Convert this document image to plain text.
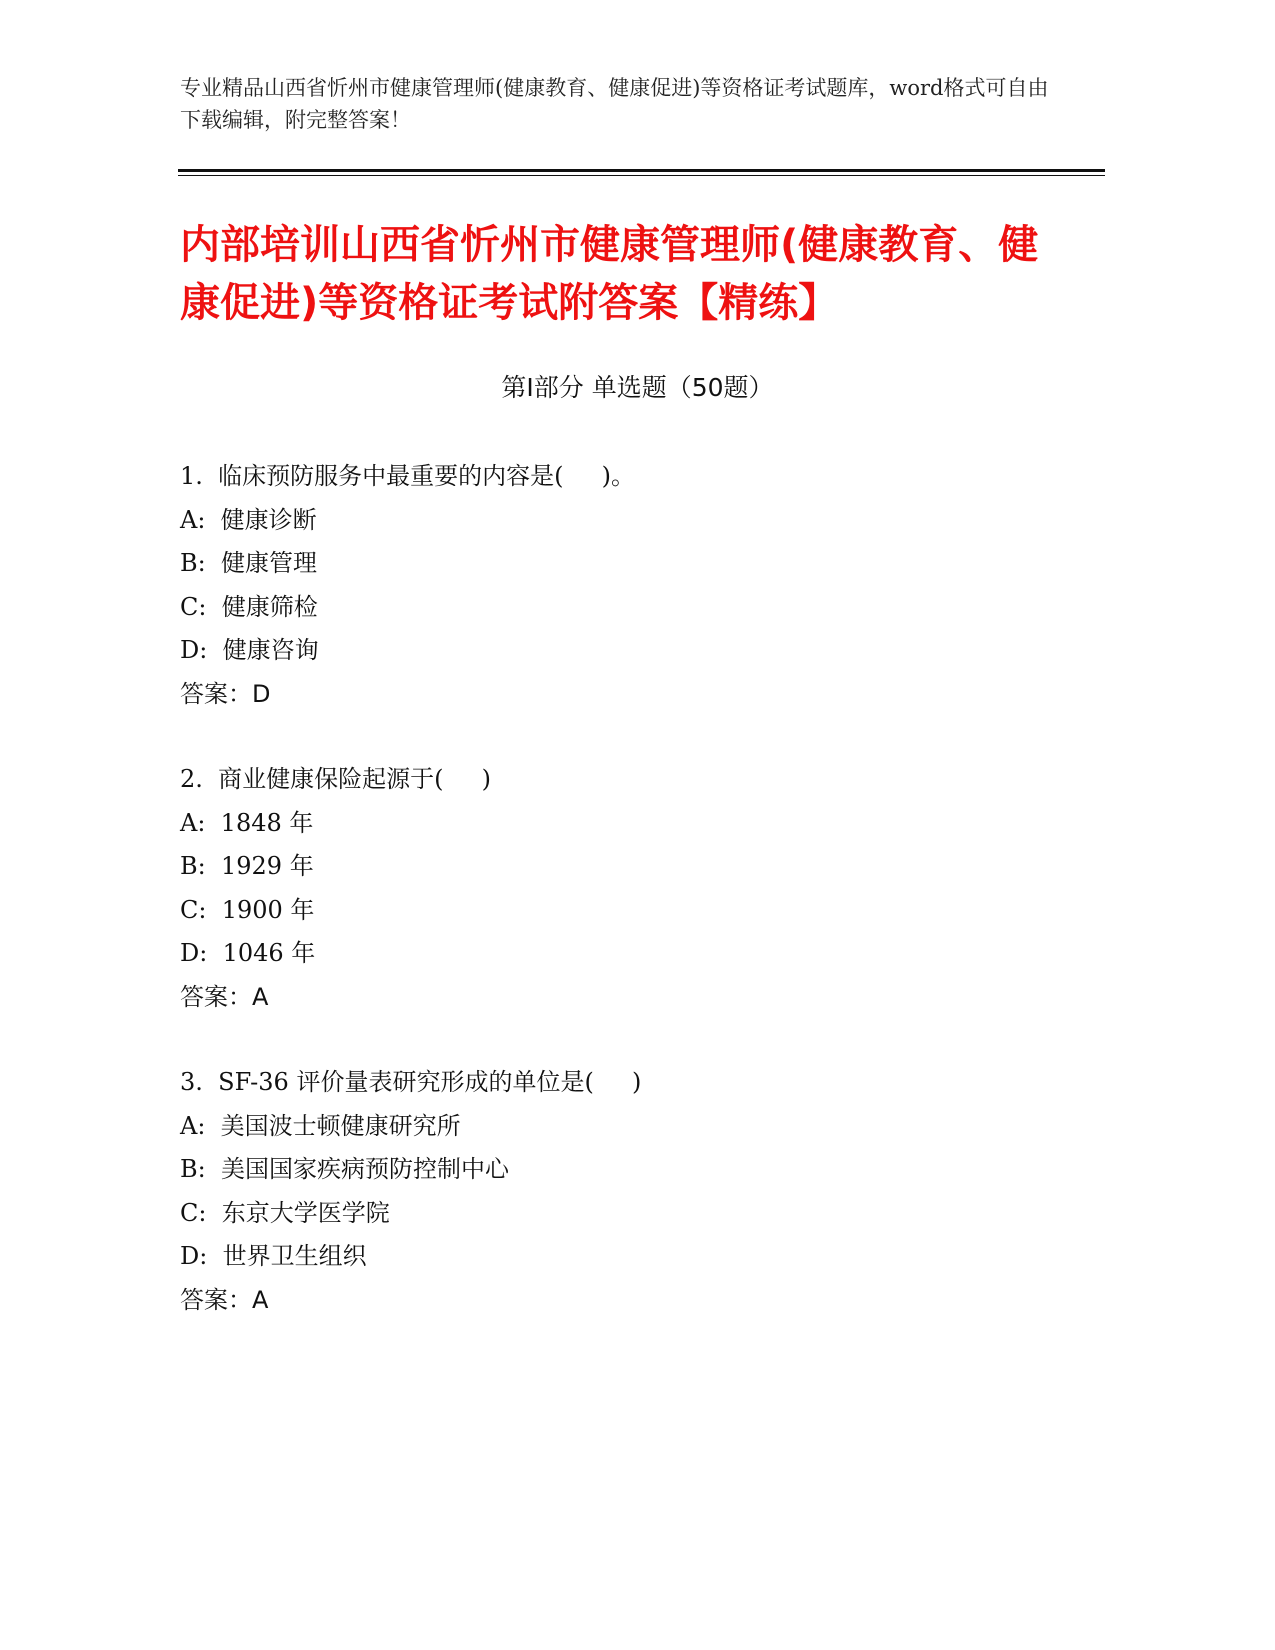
专业精品山西省忻州市健康管理师(健康教育、健康促进)等资格证考试题库，word格式可自由下载编辑，附完整答案！
内部培训山西省忻州市健康管理师(健康教育、健康促进)等资格证考试附答案【精练】
第Ⅰ部分 单选题（50题）
1.  临床预防服务中最重要的内容是(     )。
A:  健康诊断
B:  健康管理
C:  健康筛检
D:  健康咨询
答案：D
2.  商业健康保险起源于(     )
A:  1848 年
B:  1929 年
C:  1900 年
D:  1046 年
答案：A
3.  SF-36 评价量表研究形成的单位是(     )
A:  美国波士顿健康研究所
B:  美国国家疾病预防控制中心
C:  东京大学医学院
D:  世界卫生组织
答案：A
